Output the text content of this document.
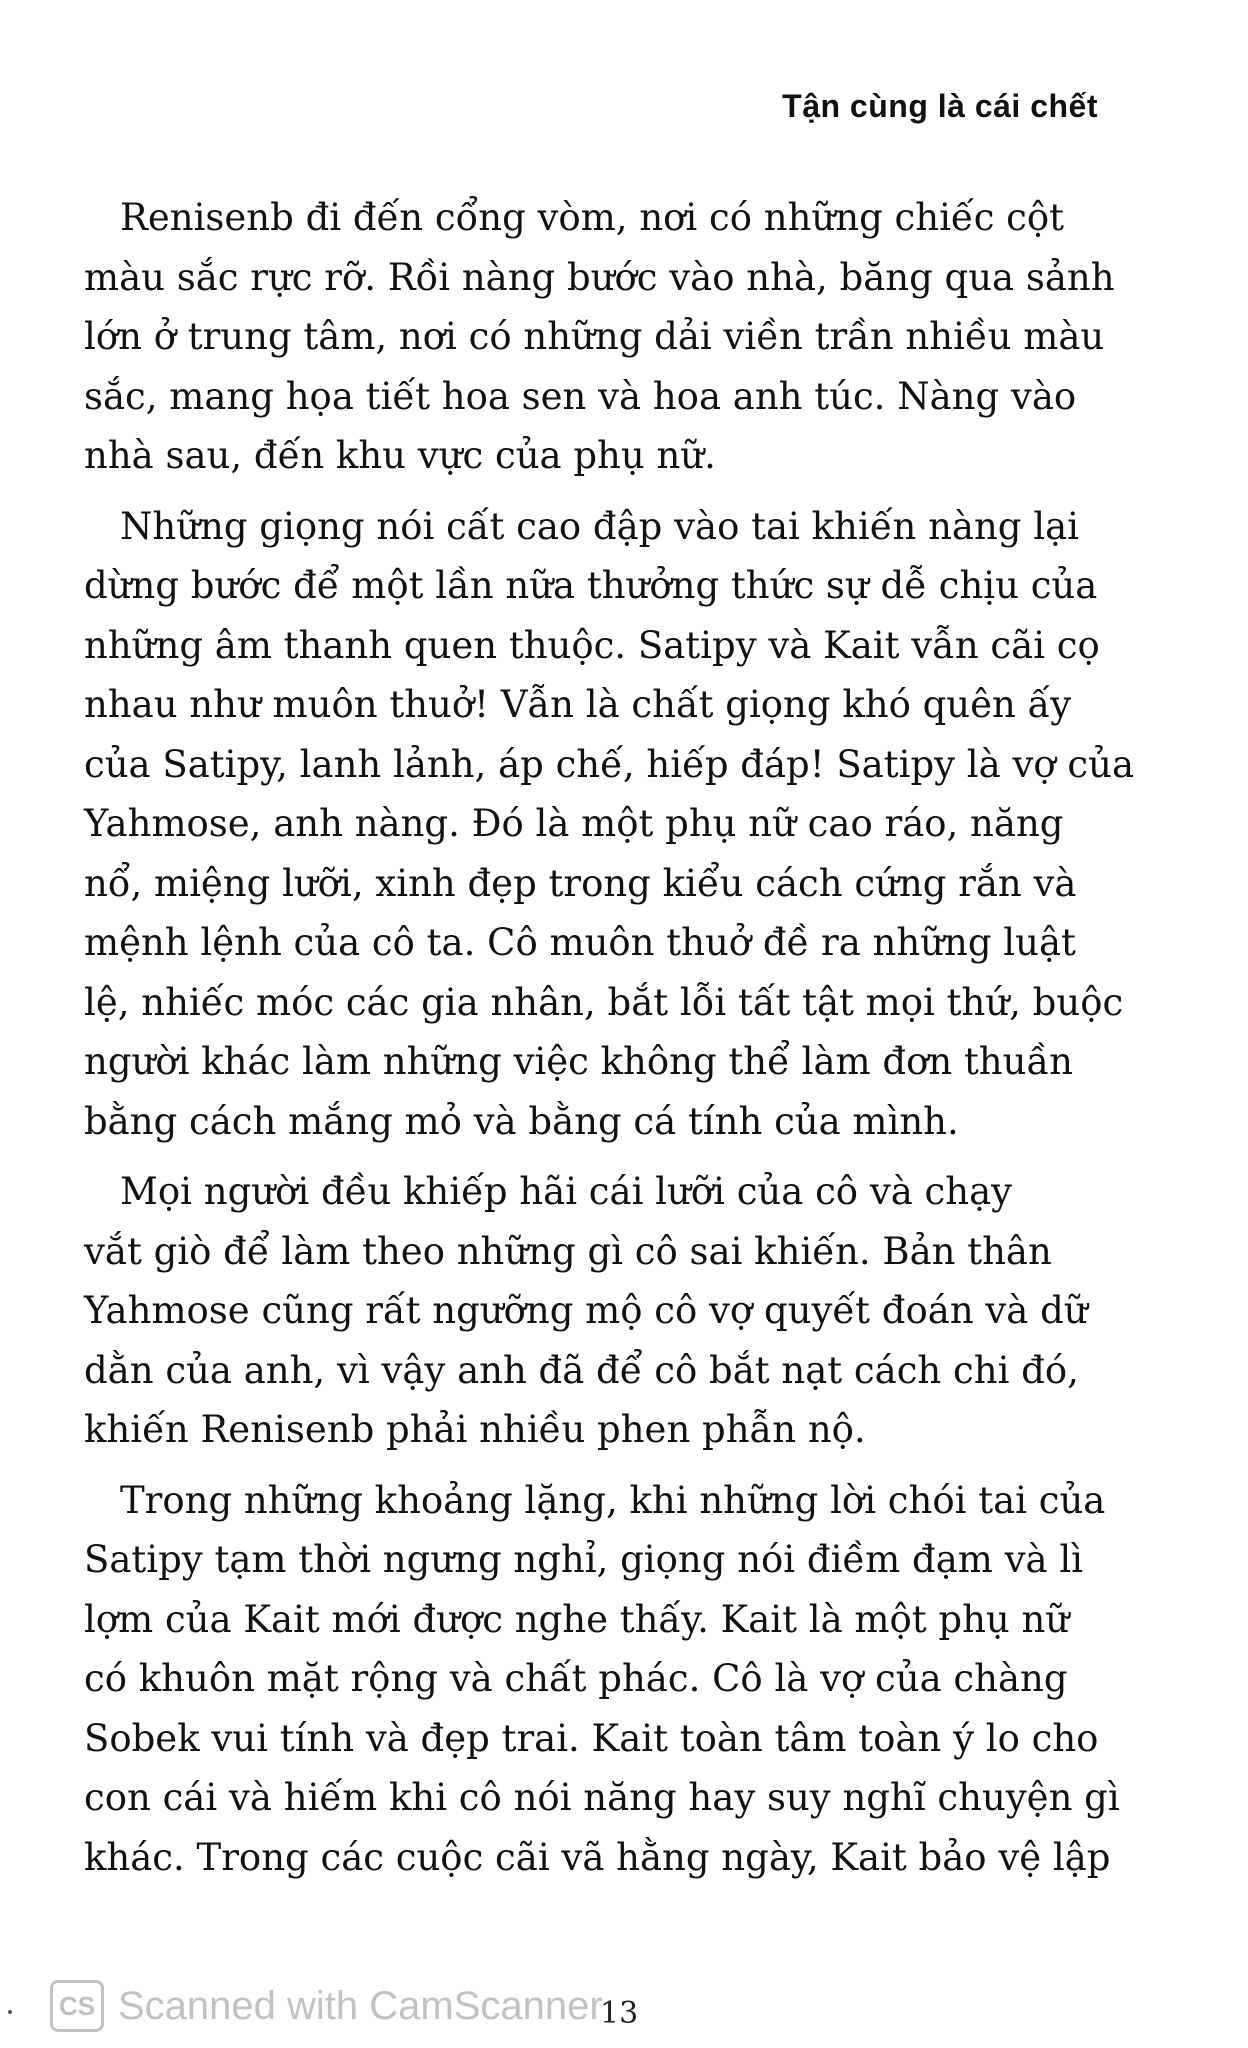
Tận cùng là cái chết

Renisenb đi đến cổng vòm, nơi có những chiếc cột
màu sắc rực rỡ. Rồi nàng bước vào nhà, băng qua sảnh
lớn ở trung tâm, nơi có những dải viền trần nhiều màu
sắc, mang họa tiết hoa sen và hoa anh túc. Nàng vào
nhà sau, đến khu vực của phụ nữ.

Những giọng nói cất cao đập vào tai khiến nàng lại
dừng bước để một lần nữa thưởng thức sự dễ chịu của
những âm thanh quen thuộc. Satipy và Kait vẫn cãi cọ
nhau như muôn thuở! Vẫn là chất giọng khó quên ấy
của Satipy, lanh lảnh, áp chế, hiếp đáp! Satipy là vợ của
Yahmose, anh nàng. Đó là một phụ nữ cao ráo, năng
nổ, miệng lưỡi, xinh đẹp trong kiểu cách cứng rắn và
mệnh lệnh của cô ta. Cô muôn thuở đề ra những luật
lệ, nhiếc móc các gia nhân, bắt lỗi tất tật mọi thứ, buộc
người khác làm những việc không thể làm đơn thuần
bằng cách mắng mỏ và bằng cá tính của mình.

Mọi người đều khiếp hãi cái lưỡi của cô và chạy
vắt giò để làm theo những gì cô sai khiến. Bản thân
Yahmose cũng rất ngưỡng mộ cô vợ quyết đoán và dữ
dằn của anh, vì vậy anh đã để cô bắt nạt cách chi đó,
khiến Renisenb phải nhiều phen phẫn nộ.

Trong những khoảng lặng, khi những lời chói tai của
Satipy tạm thời ngưng nghỉ, giọng nói điềm đạm và lì
lợm của Kait mới được nghe thấy. Kait là một phụ nữ
có khuôn mặt rộng và chất phác. Cô là vợ của chàng
Sobek vui tính và đẹp trai. Kait toàn tâm toàn ý lo cho
con cái và hiếm khi cô nói năng hay suy nghĩ chuyện gì
khác. Trong các cuộc cãi vã hằng ngày, Kait bảo vệ lập

CS Scanned with CamScanner
13
